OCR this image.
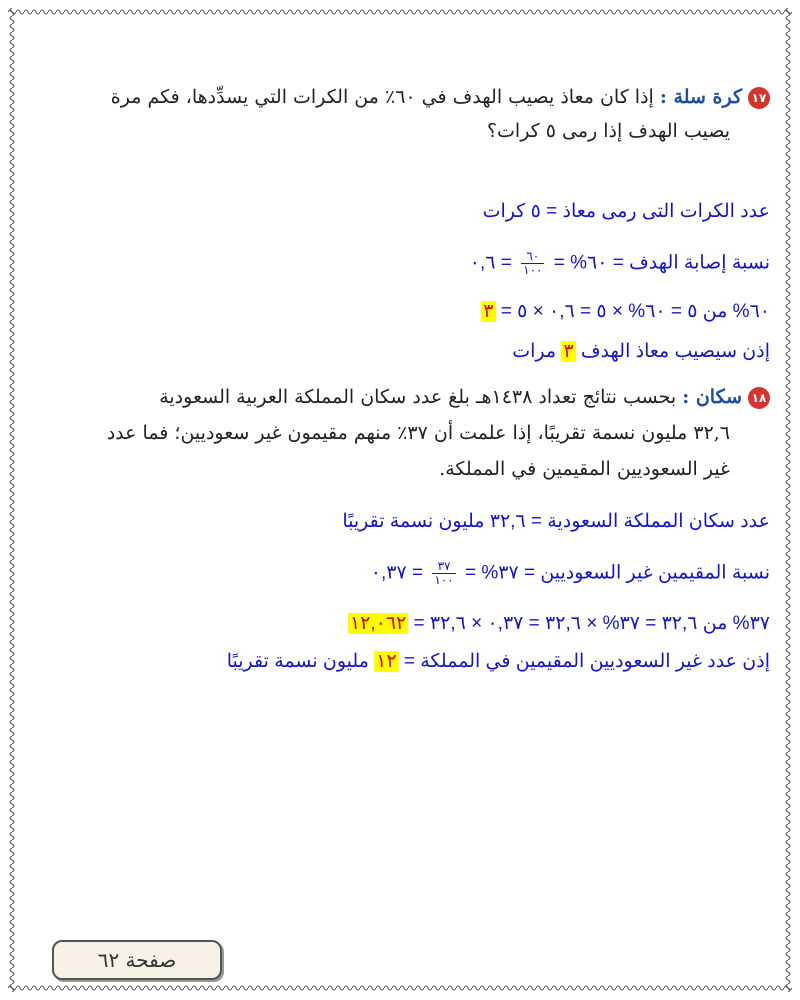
١٧كرة سلة : إذا كان معاذ يصيب الهدف في ٦٠٪ من الكرات التي يسدِّدها، فكم مرة
يصيب الهدف إذا رمى ٥ كرات؟
عدد الكرات التى رمى معاذ = ٥ كرات
نسبة إصابة الهدف = ٦٠% =
$\frac{٦٠}{١٠٠}$
= ٠,٦
٦٠% من ٥ = ٦٠% × ٥ = ٠,٦ × ٥ = ٣
إذن سيصيب معاذ الهدف ٣ مرات
١٨سكان : بحسب نتائج تعداد ١٤٣٨هـ بلغ عدد سكان المملكة العربية السعودية
٣٢,٦ مليون نسمة تقريبًا، إذا علمت أن ٣٧٪ منهم مقيمون غير سعوديين؛ فما عدد
غير السعوديين المقيمين في المملكة.
عدد سكان المملكة السعودية = ٣٢,٦ مليون نسمة تقريبًا
نسبة المقيمين غير السعوديين = ٣٧% =
$\frac{٣٧}{١٠٠}$
= ٠,٣٧
٣٧% من ٣٢,٦ = ٣٧% × ٣٢,٦ = ٠,٣٧ × ٣٢,٦ = ١٢,٠٦٢
إذن عدد غير السعوديين المقيمين في المملكة = ١٢ مليون نسمة تقريبًا
صفحة ٦٢
